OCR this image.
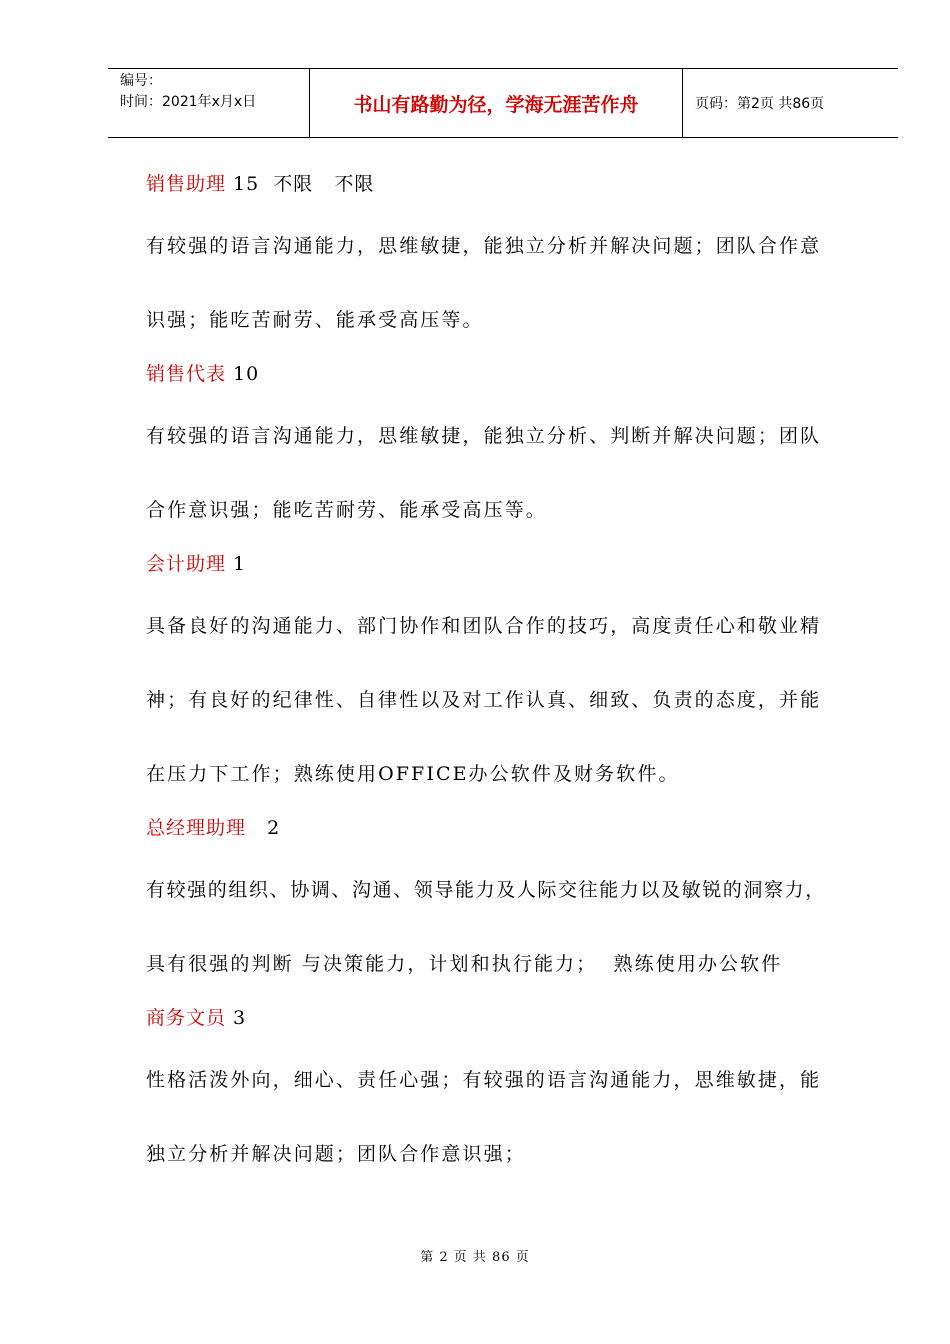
编号：
时间：2021年x月x日	书山有路勤为径，学海无涯苦作舟	页码：第2页 共86页

销售助理 15  不限   不限

有较强的语言沟通能力，思维敏捷，能独立分析并解决问题；团队合作意

识强；能吃苦耐劳、能承受高压等。

销售代表 10

有较强的语言沟通能力，思维敏捷，能独立分析、判断并解决问题；团队

合作意识强；能吃苦耐劳、能承受高压等。

会计助理 1

具备良好的沟通能力、部门协作和团队合作的技巧，高度责任心和敬业精

神；有良好的纪律性、自律性以及对工作认真、细致、负责的态度，并能

在压力下工作；熟练使用OFFICE办公软件及财务软件。

总经理助理   2

有较强的组织、协调、沟通、领导能力及人际交往能力以及敏锐的洞察力，

具有很强的判断 与决策能力，计划和执行能力；  熟练使用办公软件

商务文员 3

性格活泼外向，细心、责任心强；有较强的语言沟通能力，思维敏捷，能

独立分析并解决问题；团队合作意识强；

第 2 页 共 86 页
